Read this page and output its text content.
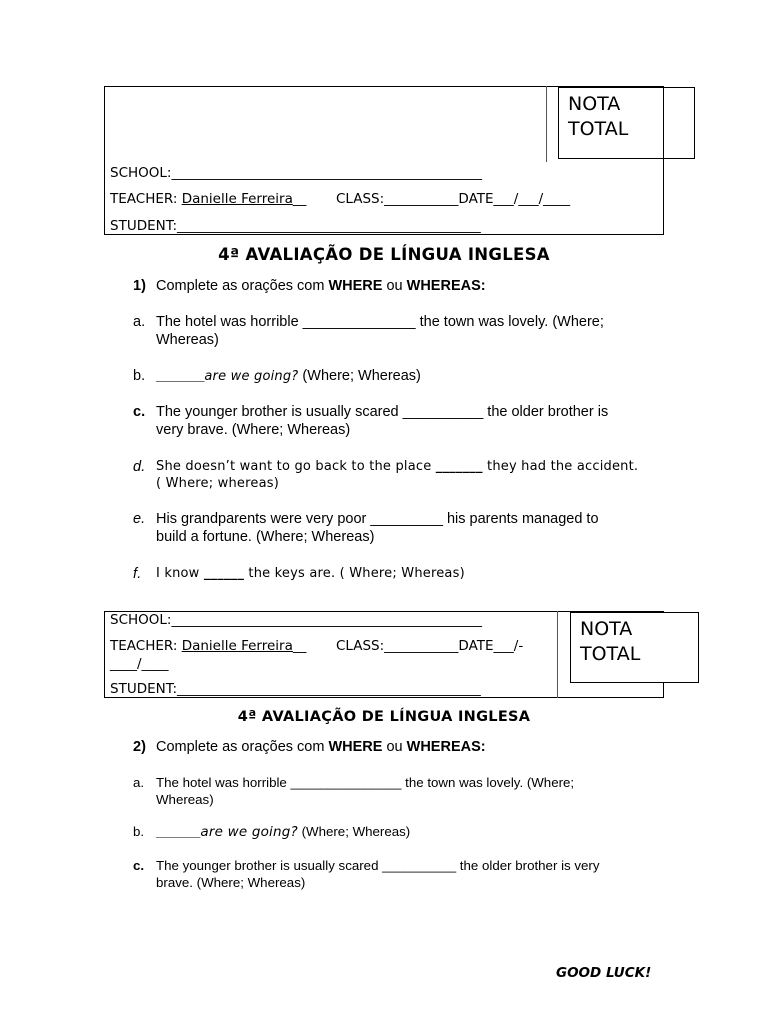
NOTA
TOTAL
SCHOOL:______________________________________________
TEACHER: Danielle Ferreira__ CLASS:___________DATE___/___/____
STUDENT:_____________________________________________
4ª AVALIAÇÃO DE LÍNGUA INGLESA
1) Complete as orações com WHERE ou WHEREAS:
a. The hotel was horrible ______________ the town was lovely. (Where;
Whereas)
b. ______are we going? (Where; Whereas)
c. The younger brother is usually scared __________ the older brother is
very brave. (Where; Whereas)
d. She doesn’t want to go back to the place _______ they had the accident.
( Where; whereas)
e. His grandparents were very poor _________ his parents managed to
build a fortune. (Where; Whereas)
f. I know ______ the keys are. ( Where; Whereas)
NOTA
TOTAL
SCHOOL:______________________________________________
TEACHER: Danielle Ferreira__ CLASS:___________DATE___/-
____/____
STUDENT:_____________________________________________
4ª AVALIAÇÃO DE LÍNGUA INGLESA
2) Complete as orações com WHERE ou WHEREAS:
a. The hotel was horrible _______________ the town was lovely. (Where;
Whereas)
b. ______are we going? (Where; Whereas)
c. The younger brother is usually scared __________ the older brother is very
brave. (Where; Whereas)
GOOD LUCK!
